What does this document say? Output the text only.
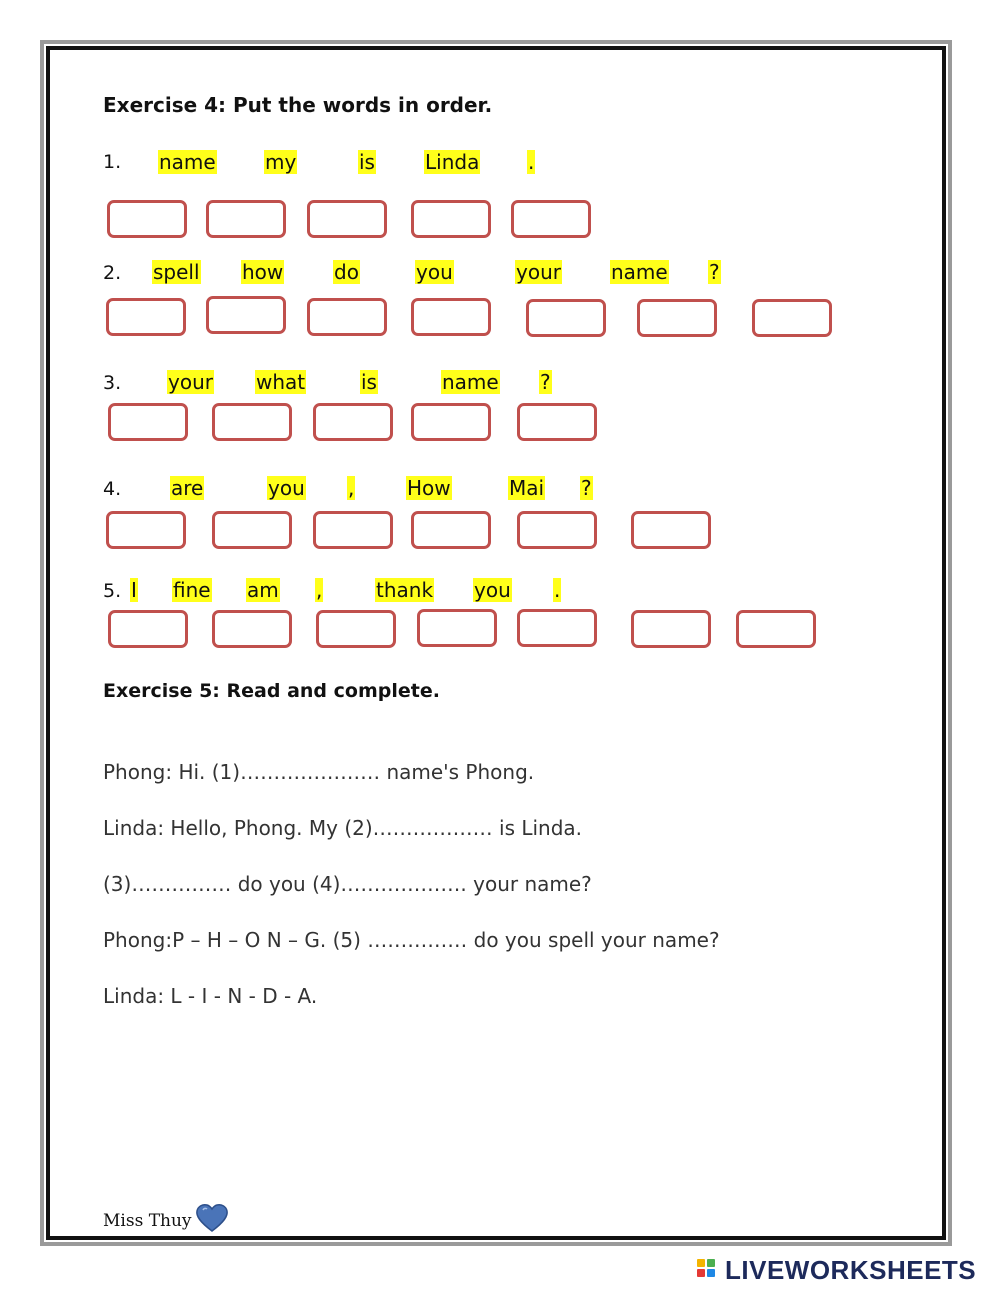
Exercise 4: Put the words in order.
1. name my	is	Linda .
2. spell how	do	you	your	name ?
3. your what	is	name ?
4. are	you ,	How	Mai ?
5. I fine am ,	thank you .
Exercise 5: Read and complete.
Phong: Hi. (1)………………… name's Phong.
Linda: Hello, Phong. My (2)……………… is Linda.
(3)…………… do you (4)………………. your name?
Phong:P – H – O N – G. (5) …………… do you spell your name?
Linda: L - I - N - D - A.
Miss Thuy
LIVEWORKSHEETS
